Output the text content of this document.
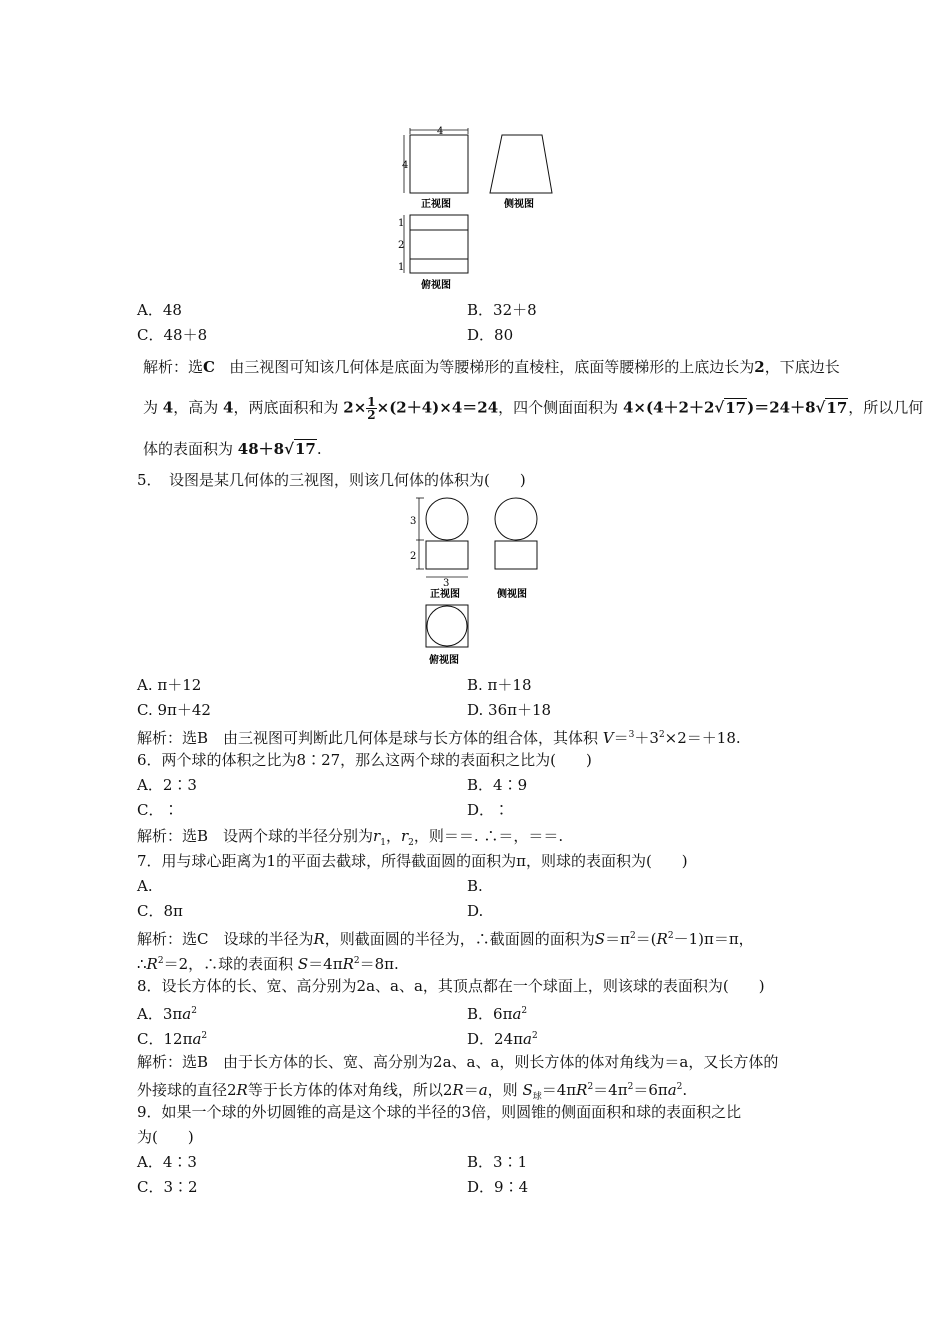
4
4
正视图	侧视图
1
2
1
俯视图
A．48	B．32＋8
C．48＋8	D．80
解析：选C 由三视图可知该几何体是底面为等腰梯形的直棱柱，底面等腰梯形的上底边长为2，下底边长
为 4，高为 4，两底面积和为 $2\times \frac{1}{2} \times(2+4)\times 4=24$，四个侧面面积为 4×(4＋2＋2√17)＝24＋8√17，所以几何
体的表面积为 48＋8√17.
5．　设图是某几何体的三视图，则该几何体的体积为(　　)
3
2
3
正视图	侧视图
俯视图
A. π＋12	B. π＋18
C. 9π＋42	D. 36π＋18
解析：选B　由三视图可判断此几何体是球与长方体的组合体，其体积 $V=^3+3^2\times 2=+18$.
6．两个球的体积之比为8∶27，那么这两个球的表面积之比为(　　)
A．2∶3	B．4∶9
C．∶	D．∶
解析：选B　设两个球的半径分别为$r_1$，$r_2$，则＝＝. ∴＝，＝＝.
7．用与球心距离为1的平面去截球，所得截面圆的面积为π，则球的表面积为(　　)
A.	B.
C．8π	D.
解析：选C　设球的半径为R，则截面圆的半径为，∴截面圆的面积为$S=\pi^2=(R^2-1)\pi=\pi$，
$\therefore R^2=2$，∴球的表面积 $S=4\pi R^2=8\pi$.
8．设长方体的长、宽、高分别为2a、a、a，其顶点都在一个球面上，则该球的表面积为(　　)
A．$3\pi a^2$	B．$6\pi a^2$
C．$12\pi a^2$	D．$24\pi a^2$
解析：选B　由于长方体的长、宽、高分别为2a、a、a，则长方体的体对角线为＝a，又长方体的
外接球的直径2R等于长方体的体对角线，所以2R＝a，则 $S_球=4\pi R^2=4\pi^2=6\pi a^2$.
9．如果一个球的外切圆锥的高是这个球的半径的3倍，则圆锥的侧面面积和球的表面积之比
为(　　)
A．4∶3	B．3∶1
C．3∶2	D．9∶4
